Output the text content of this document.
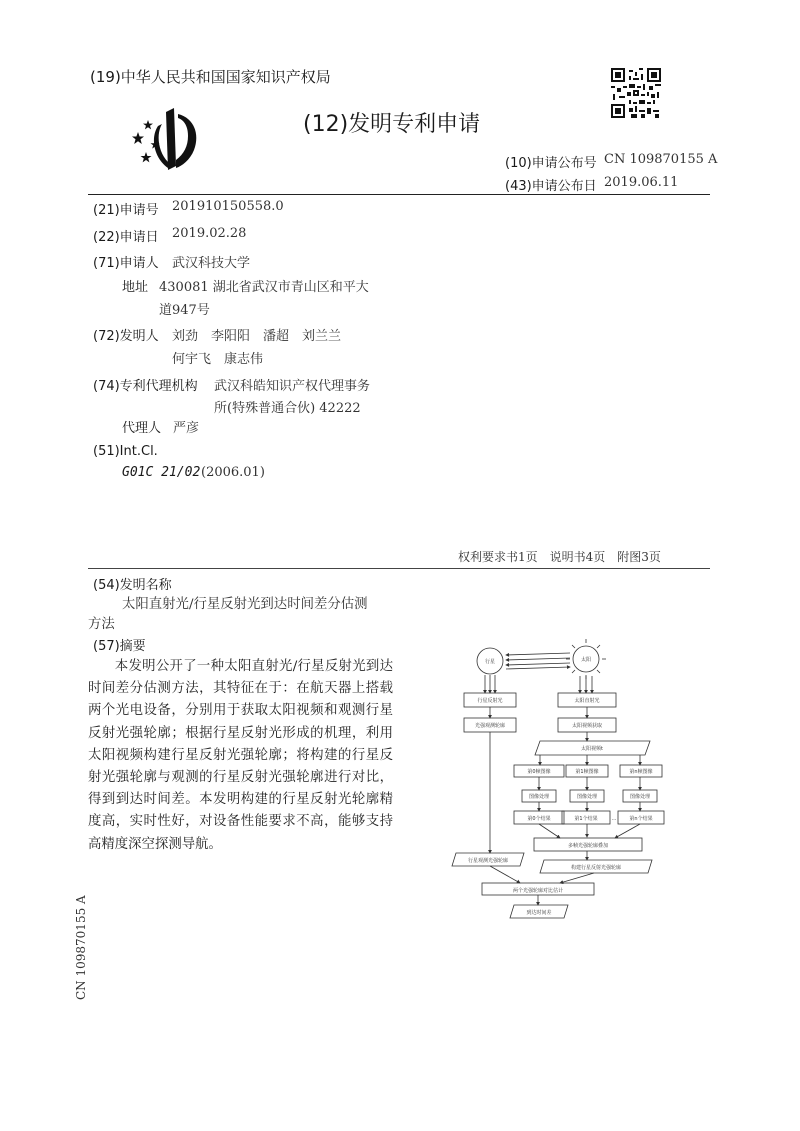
(19)中华人民共和国国家知识产权局
(12)发明专利申请
(10)申请公布号 CN 109870155 A
(43)申请公布日 2019.06.11
(21)申请号 201910150558.0
(22)申请日 2019.02.28
(71)申请人 武汉科技大学
地址 430081 湖北省武汉市青山区和平大
道947号
(72)发明人 刘劲　李阳阳　潘超　刘兰兰
何宇飞　康志伟
(74)专利代理机构 武汉科皓知识产权代理事务
所(特殊普通合伙) 42222
代理人 严彦
(51)Int.Cl.
G01C 21/02 (2006.01)
权利要求书1页　说明书4页　附图3页
(54)发明名称
太阳直射光/行星反射光到达时间差分估测
方法
(57)摘要
本发明公开了一种太阳直射光/行星反射光到达时间差分估测方法，其特征在于：在航天器上搭载两个光电设备，分别用于获取太阳视频和观测行星反射光强轮廓；根据行星反射光形成的机理，利用太阳视频构建行星反射光强轮廓；将构建的行星反射光强轮廓与观测的行星反射光强轮廓进行对比，得到到达时间差。本发明构建的行星反射光轮廓精度高，实时性好，对设备性能要求不高，能够支持高精度深空探测导航。
行星	太阳
行星反射光	太阳直射光
光强观测轮廓	太阳视频获取
太阳视频t
第0帧图像	第1帧图像	第n帧图像
图像处理	图像处理	图像处理
第0个结果	第1个结果	…	第n个结果
多帧光强轮廓叠加
构建行星反射光强轮廓
行星观测光强轮廓
两个光强轮廓对比估计
到达时间差
CN 109870155 A
